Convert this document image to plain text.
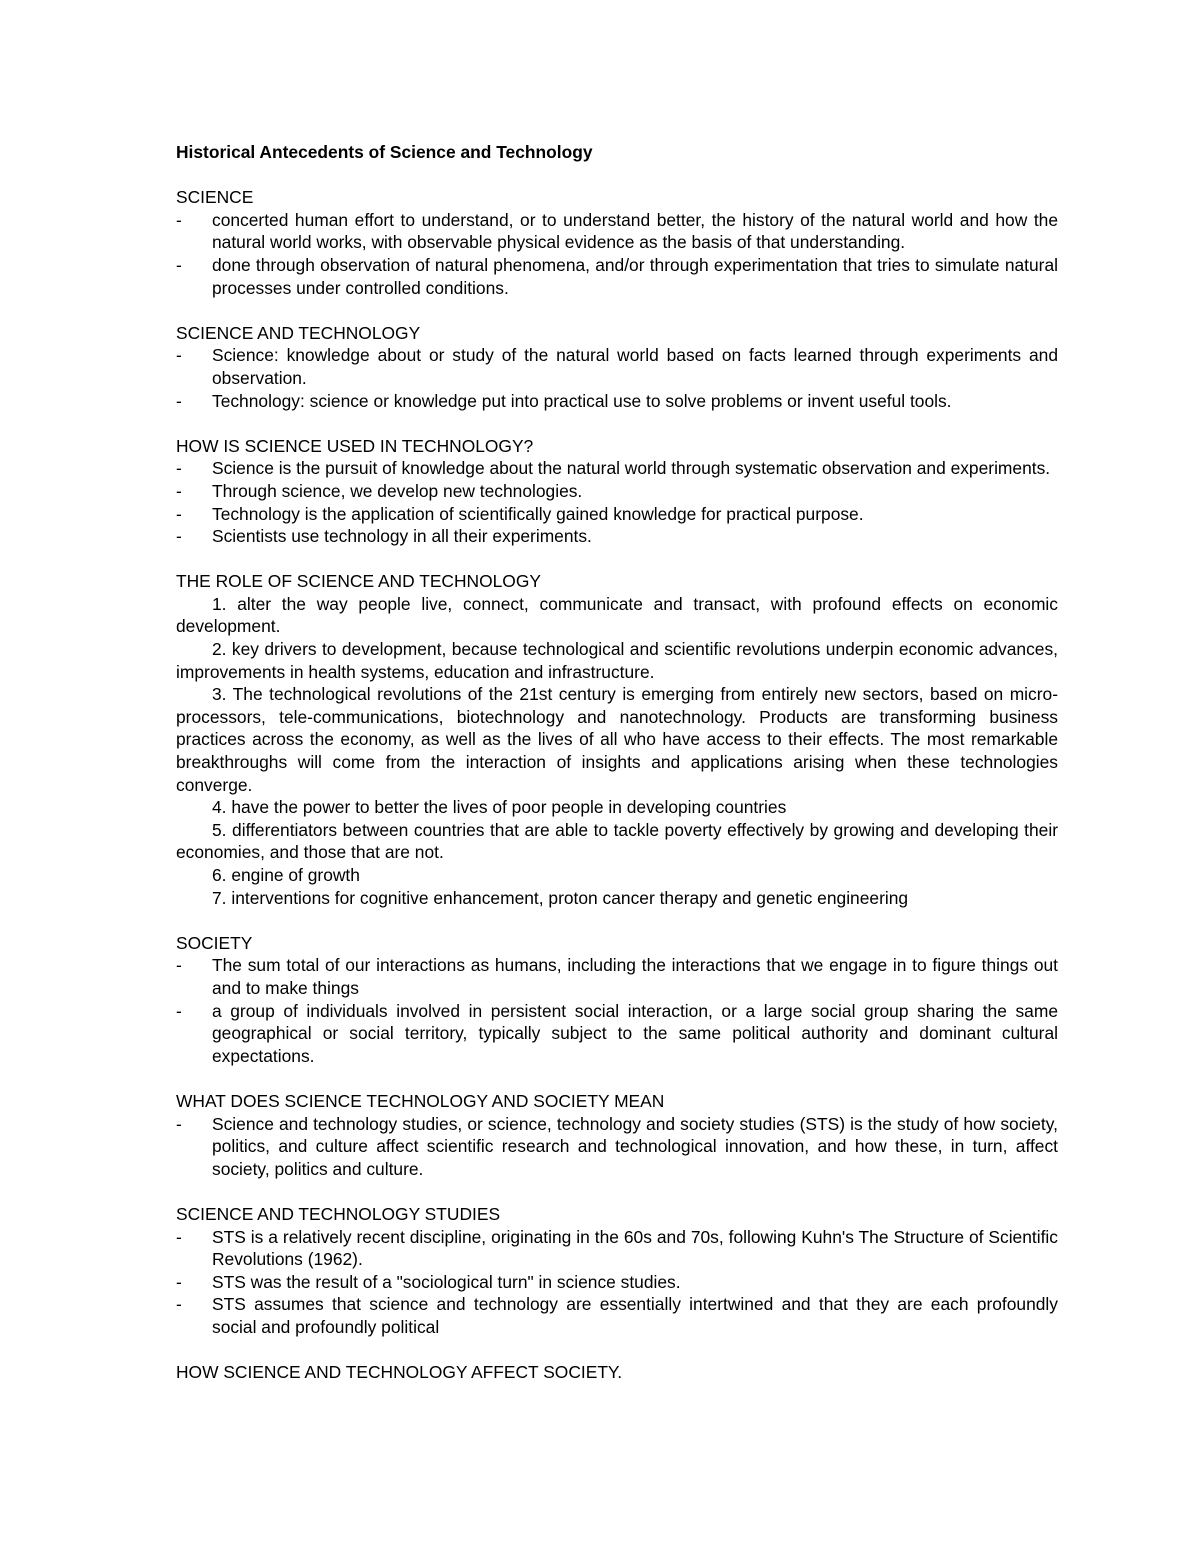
Historical Antecedents of Science and Technology
SCIENCE
- concerted human effort to understand, or to understand better, the history of the natural world and how the natural world works, with observable physical evidence as the basis of that understanding.
- done through observation of natural phenomena, and/or through experimentation that tries to simulate natural processes under controlled conditions.
SCIENCE AND TECHNOLOGY
- Science: knowledge about or study of the natural world based on facts learned through experiments and observation.
- Technology: science or knowledge put into practical use to solve problems or invent useful tools.
HOW IS SCIENCE USED IN TECHNOLOGY?
- Science is the pursuit of knowledge about the natural world through systematic observation and experiments.
- Through science, we develop new technologies.
- Technology is the application of scientifically gained knowledge for practical purpose.
- Scientists use technology in all their experiments.
THE ROLE OF SCIENCE AND TECHNOLOGY

1. alter the way people live, connect, communicate and transact, with profound effects on economic development.

2. key drivers to development, because technological and scientific revolutions underpin economic advances, improvements in health systems, education and infrastructure.

3. The technological revolutions of the 21st century is emerging from entirely new sectors, based on micro-processors, tele-communications, biotechnology and nanotechnology. Products are transforming business practices across the economy, as well as the lives of all who have access to their effects. The most remarkable breakthroughs will come from the interaction of insights and applications arising when these technologies converge.

4. have the power to better the lives of poor people in developing countries

5. differentiators between countries that are able to tackle poverty effectively by growing and developing their economies, and those that are not.

6. engine of growth

7. interventions for cognitive enhancement, proton cancer therapy and genetic engineering

SOCIETY
- The sum total of our interactions as humans, including the interactions that we engage in to figure things out and to make things
- a group of individuals involved in persistent social interaction, or a large social group sharing the same geographical or social territory, typically subject to the same political authority and dominant cultural expectations.
WHAT DOES SCIENCE TECHNOLOGY AND SOCIETY MEAN
- Science and technology studies, or science, technology and society studies (STS) is the study of how society, politics, and culture affect scientific research and technological innovation, and how these, in turn, affect society, politics and culture.
SCIENCE AND TECHNOLOGY STUDIES
- STS is a relatively recent discipline, originating in the 60s and 70s, following Kuhn's The Structure of Scientific Revolutions (1962).
- STS was the result of a "sociological turn" in science studies.
- STS assumes that science and technology are essentially intertwined and that they are each profoundly social and profoundly political
HOW SCIENCE AND TECHNOLOGY AFFECT SOCIETY.
